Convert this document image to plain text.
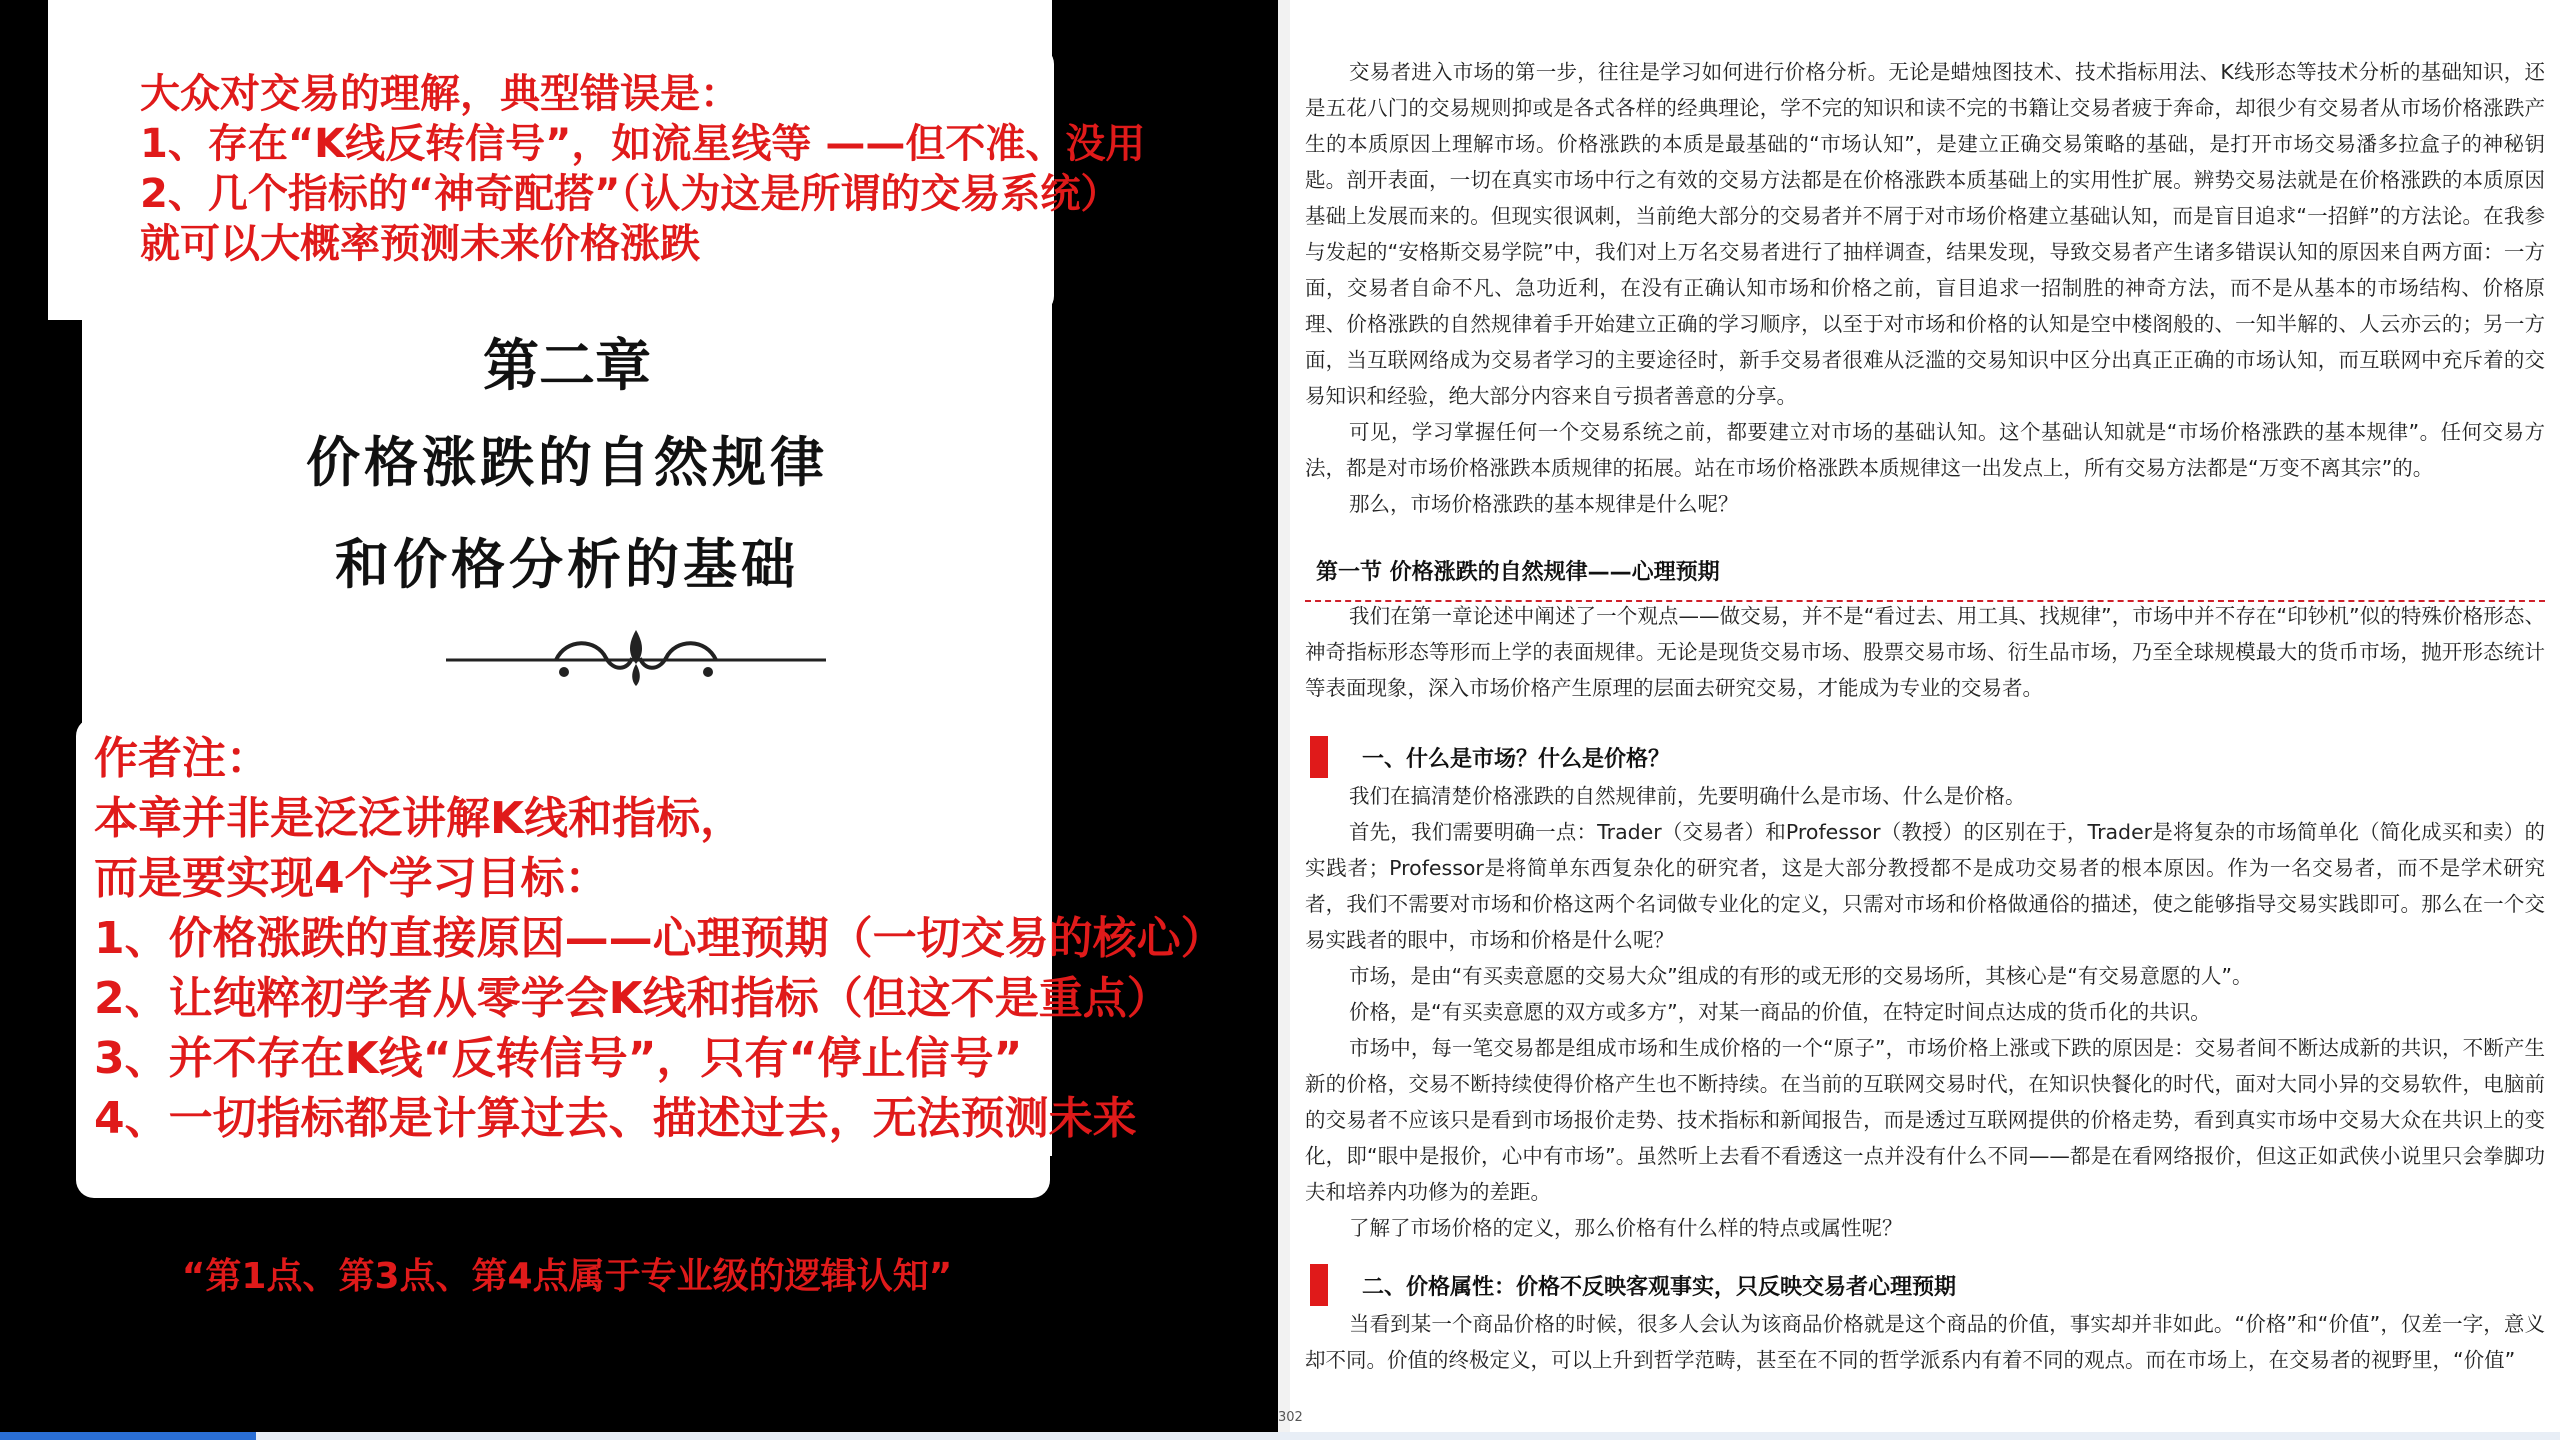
大众对交易的理解，典型错误是：
1、存在“K线反转信号”，如流星线等 ——但不准、没用
2、几个指标的“神奇配搭”（认为这是所谓的交易系统）
就可以大概率预测未来价格涨跌
第二章
价格涨跌的自然规律
和价格分析的基础
作者注：
本章并非是泛泛讲解K线和指标，
而是要实现4个学习目标：
1、价格涨跌的直接原因——心理预期（一切交易的核心）
2、让纯粹初学者从零学会K线和指标（但这不是重点）
3、并不存在K线“反转信号”，只有“停止信号”
4、一切指标都是计算过去、描述过去，无法预测未来
“第1点、第3点、第4点属于专业级的逻辑认知”

交易者进入市场的第一步，往往是学习如何进行价格分析。无论是蜡烛图技术、技术指标用法、K线形态等技术分析的基础知识，还是五花八门的交易规则抑或是各式各样的经典理论，学不完的知识和读不完的书籍让交易者疲于奔命，却很少有交易者从市场价格涨跌产生的本质原因上理解市场。价格涨跌的本质是最基础的“市场认知”，是建立正确交易策略的基础，是打开市场交易潘多拉盒子的神秘钥匙。剖开表面，一切在真实市场中行之有效的交易方法都是在价格涨跌本质基础上的实用性扩展。辨势交易法就是在价格涨跌的本质原因基础上发展而来的。但现实很讽刺，当前绝大部分的交易者并不屑于对市场价格建立基础认知，而是盲目追求“一招鲜”的方法论。在我参与发起的“安格斯交易学院”中，我们对上万名交易者进行了抽样调查，结果发现，导致交易者产生诸多错误认知的原因来自两方面：一方面，交易者自命不凡、急功近利，在没有正确认知市场和价格之前，盲目追求一招制胜的神奇方法，而不是从基本的市场结构、价格原理、价格涨跌的自然规律着手开始建立正确的学习顺序，以至于对市场和价格的认知是空中楼阁般的、一知半解的、人云亦云的；另一方面，当互联网络成为交易者学习的主要途径时，新手交易者很难从泛滥的交易知识中区分出真正正确的市场认知，而互联网中充斥着的交易知识和经验，绝大部分内容来自亏损者善意的分享。

可见，学习掌握任何一个交易系统之前，都要建立对市场的基础认知。这个基础认知就是“市场价格涨跌的基本规律”。任何交易方法，都是对市场价格涨跌本质规律的拓展。站在市场价格涨跌本质规律这一出发点上，所有交易方法都是“万变不离其宗”的。

那么，市场价格涨跌的基本规律是什么呢？

第一节 价格涨跌的自然规律——心理预期

我们在第一章论述中阐述了一个观点——做交易，并不是“看过去、用工具、找规律”，市场中并不存在“印钞机”似的特殊价格形态、神奇指标形态等形而上学的表面规律。无论是现货交易市场、股票交易市场、衍生品市场，乃至全球规模最大的货币市场，抛开形态统计等表面现象，深入市场价格产生原理的层面去研究交易，才能成为专业的交易者。

一、什么是市场？什么是价格？

我们在搞清楚价格涨跌的自然规律前，先要明确什么是市场、什么是价格。

首先，我们需要明确一点：Trader（交易者）和Professor（教授）的区别在于，Trader是将复杂的市场简单化（简化成买和卖）的实践者；Professor是将简单东西复杂化的研究者，这是大部分教授都不是成功交易者的根本原因。作为一名交易者，而不是学术研究者，我们不需要对市场和价格这两个名词做专业化的定义，只需对市场和价格做通俗的描述，使之能够指导交易实践即可。那么在一个交易实践者的眼中，市场和价格是什么呢？

市场，是由“有买卖意愿的交易大众”组成的有形的或无形的交易场所，其核心是“有交易意愿的人”。

价格，是“有买卖意愿的双方或多方”，对某一商品的价值，在特定时间点达成的货币化的共识。

市场中，每一笔交易都是组成市场和生成价格的一个“原子”，市场价格上涨或下跌的原因是：交易者间不断达成新的共识，不断产生新的价格，交易不断持续使得价格产生也不断持续。在当前的互联网交易时代，在知识快餐化的时代，面对大同小异的交易软件，电脑前的交易者不应该只是看到市场报价走势、技术指标和新闻报告，而是透过互联网提供的价格走势，看到真实市场中交易大众在共识上的变化，即“眼中是报价，心中有市场”。虽然听上去看不看透这一点并没有什么不同——都是在看网络报价，但这正如武侠小说里只会拳脚功夫和培养内功修为的差距。

了解了市场价格的定义，那么价格有什么样的特点或属性呢？

二、价格属性：价格不反映客观事实，只反映交易者心理预期

当看到某一个商品价格的时候，很多人会认为该商品价格就是这个商品的价值，事实却并非如此。“价格”和“价值”，仅差一字，意义却不同。价值的终极定义，可以上升到哲学范畴，甚至在不同的哲学派系内有着不同的观点。而在市场上，在交易者的视野里，“价值”

302
